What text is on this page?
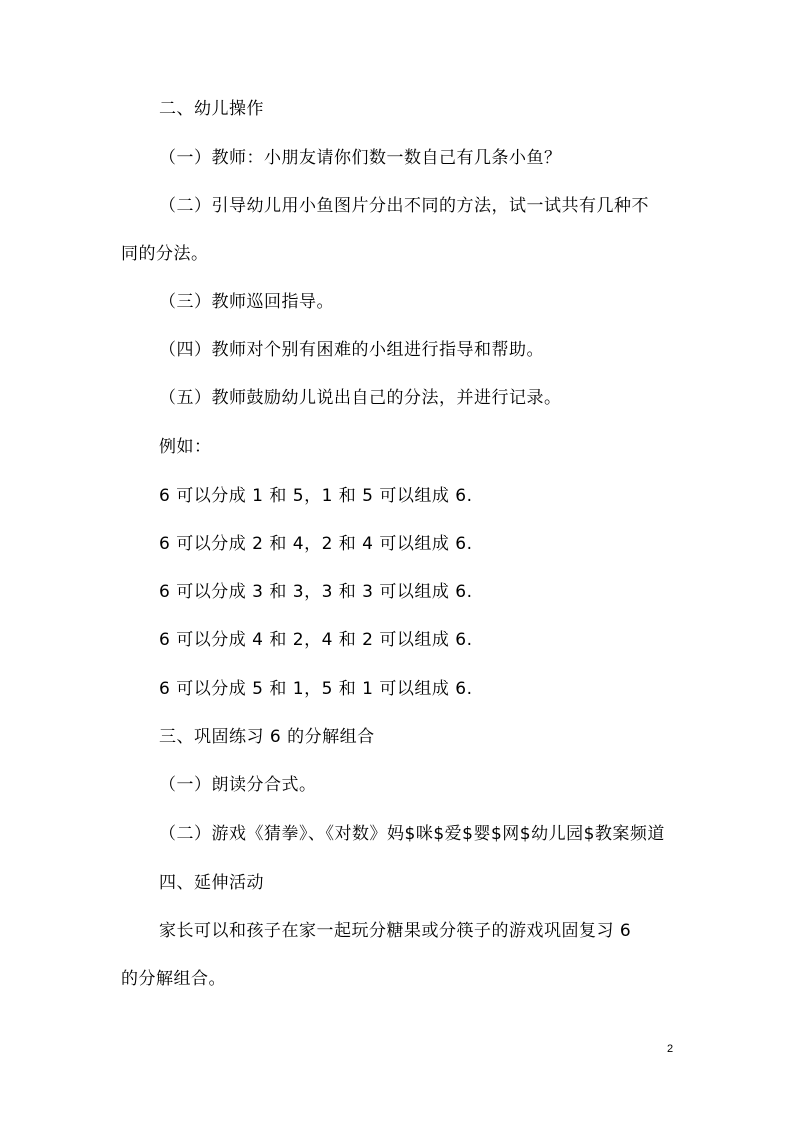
二、幼儿操作
（一）教师：小朋友请你们数一数自己有几条小鱼？
（二）引导幼儿用小鱼图片分出不同的方法，试一试共有几种不
同的分法。
（三）教师巡回指导。
（四）教师对个别有困难的小组进行指导和帮助。
（五）教师鼓励幼儿说出自己的分法，并进行记录。
例如：
6 可以分成 1 和 5，1 和 5 可以组成 6.
6 可以分成 2 和 4，2 和 4 可以组成 6.
6 可以分成 3 和 3，3 和 3 可以组成 6.
6 可以分成 4 和 2，4 和 2 可以组成 6.
6 可以分成 5 和 1，5 和 1 可以组成 6.
三、巩固练习 6 的分解组合
（一）朗读分合式。
（二）游戏《猜拳》、《对数》妈$咪$爱$婴$网$幼儿园$教案频道
四、延伸活动
家长可以和孩子在家一起玩分糖果或分筷子的游戏巩固复习 6
的分解组合。
2
